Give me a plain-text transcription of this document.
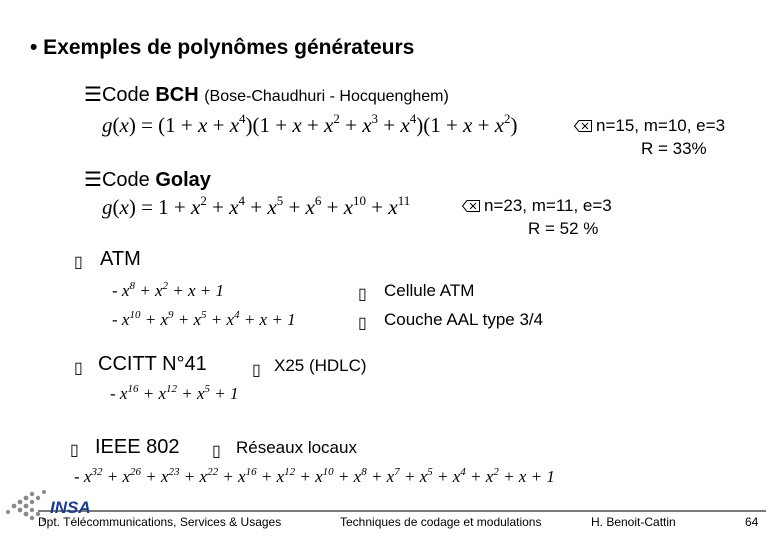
• Exemples de polynômes générateurs
☰Code BCH (Bose-Chaudhuri - Hocquenghem)
$g(x) = (1 + x + x^4)(1 + x + x^2 + x^3 + x^4)(1 + x + x^2)$	n=15, m=10, e=3
R = 33%
☰Code Golay
$g(x) = 1 + x^2 + x^4 + x^5 + x^6 + x^{10} + x^{11}$	n=23, m=11, e=3
R = 52 %
▯ ATM
- $x^8 + x^2 + x + 1$	▯ Cellule ATM
- $x^{10} + x^9 + x^5 + x^4 + x + 1$	▯ Couche AAL type 3/4
▯ CCITT N°41	▯ X25 (HDLC)
- $x^{16} + x^{12} + x^5 + 1$
▯ IEEE 802 ▯ Réseaux locaux
- $x^{32} + x^{26} + x^{23} + x^{22} + x^{16} + x^{12} + x^{10} + x^8 + x^7 + x^5 + x^4 + x^2 + x + 1$
INSA
Dpt. Télécommunications, Services & Usages	Techniques de codage et modulations	H. Benoit-Cattin	64
